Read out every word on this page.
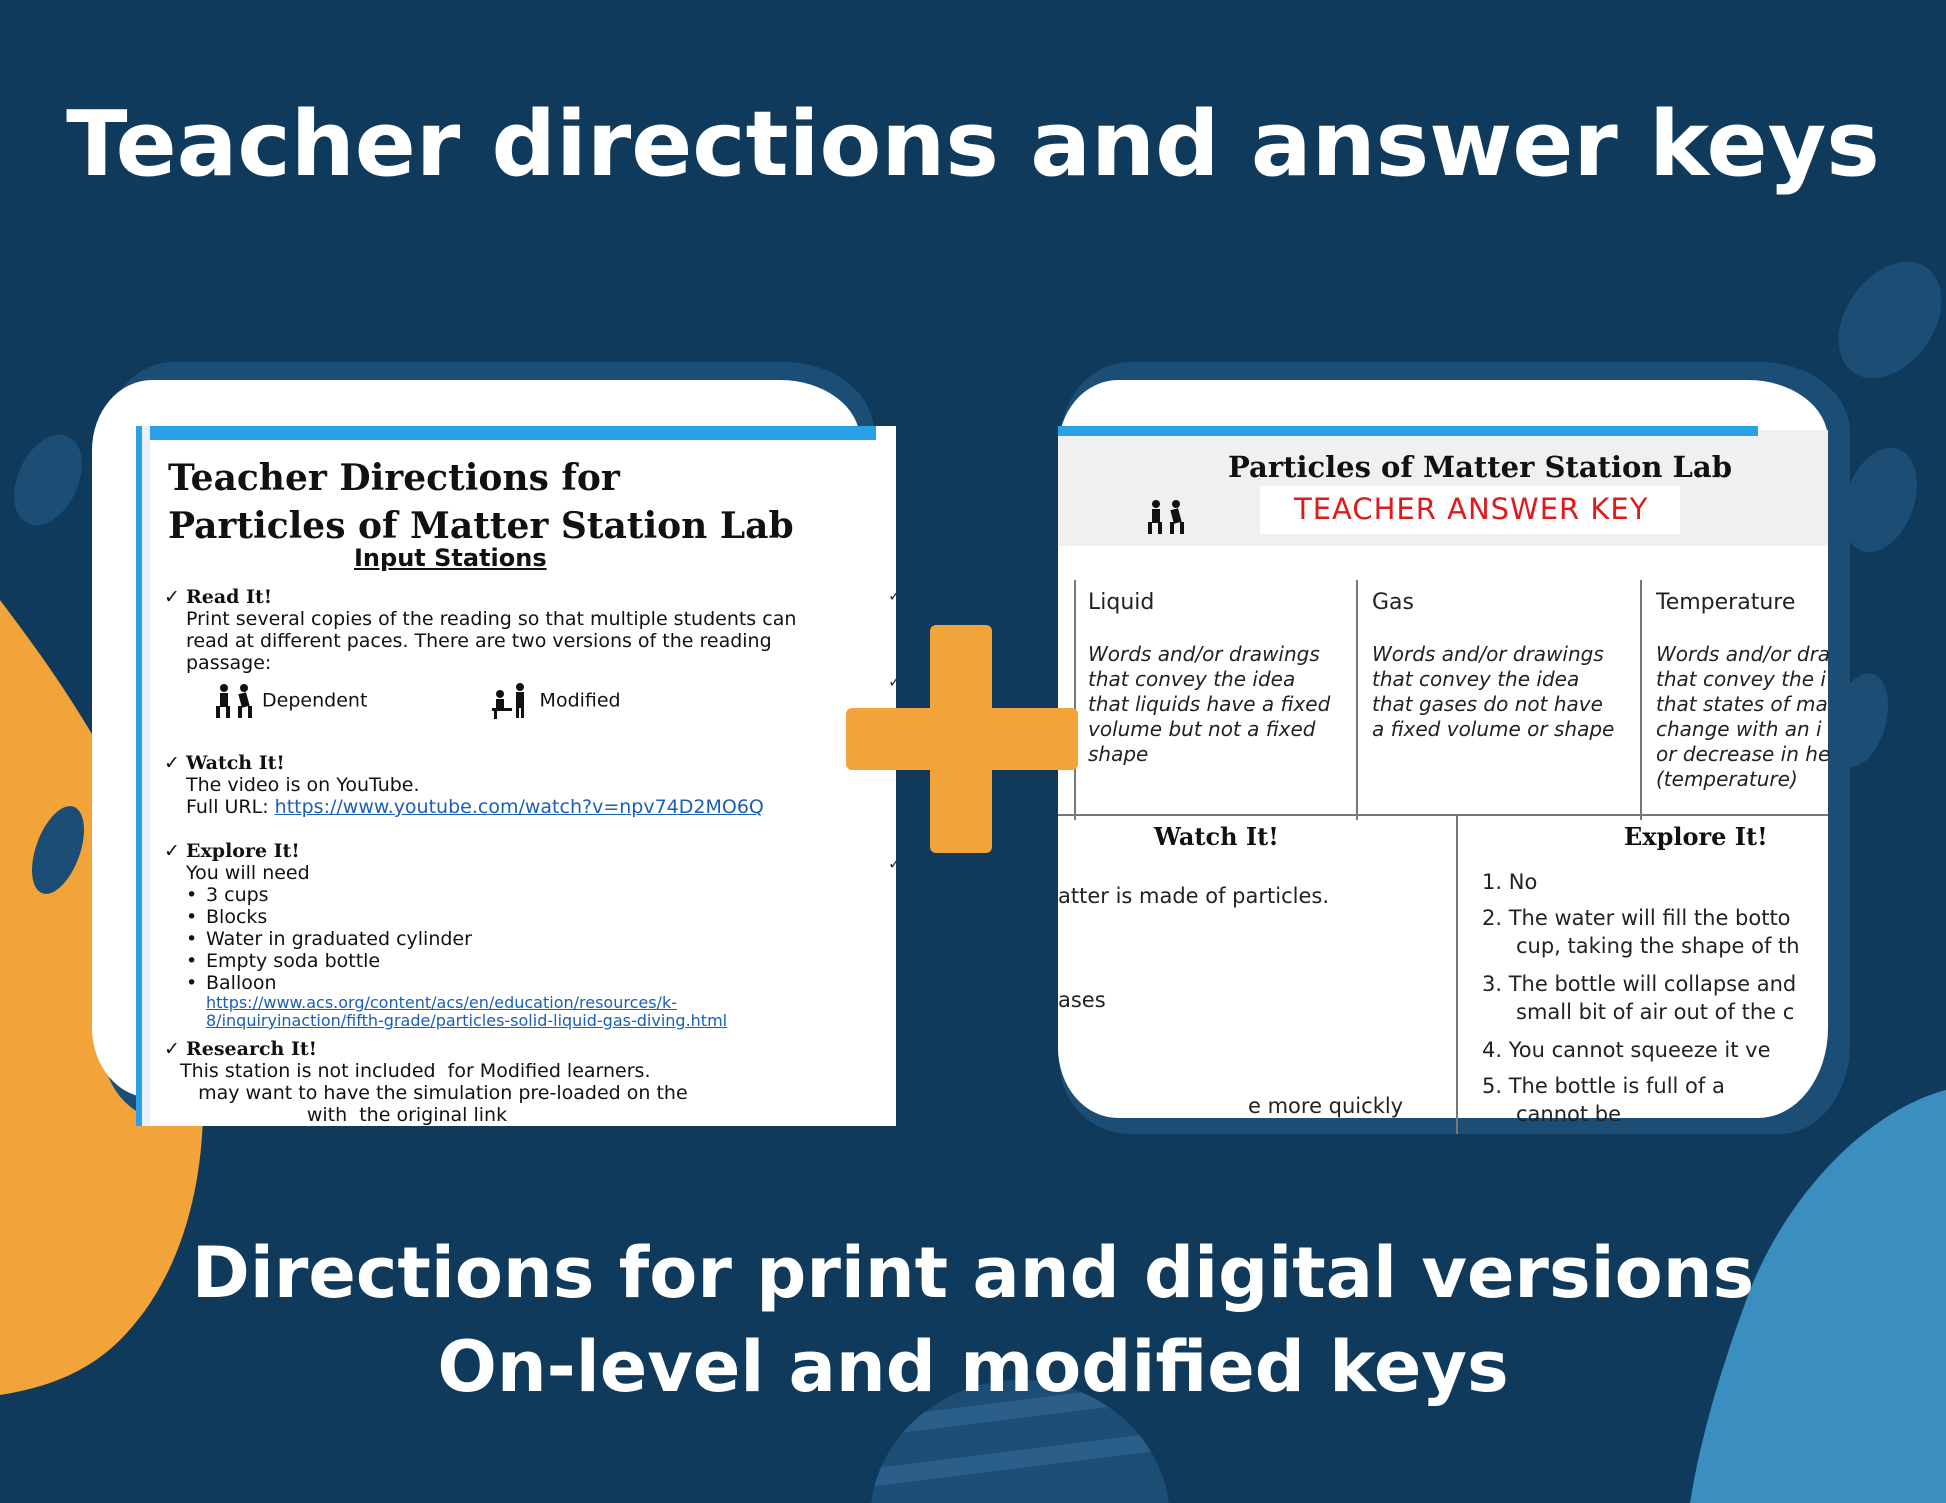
Teacher directions and answer keys
Directions for print and digital versions
On-level and modified keys
Teacher Directions for
Particles of Matter Station Lab
Input Stations
✓ Read It!
Print several copies of the reading so that multiple students can
read at different paces. There are two versions of the reading
passage:
Dependent	Modified
✓ Watch It!
The video is on YouTube.
Full URL: https://www.youtube.com/watch?v=npv74D2MO6Q
✓ Explore It!
You will need
• 3 cups
• Blocks
• Water in graduated cylinder
• Empty soda bottle
• Balloon
https://www.acs.org/content/acs/en/education/resources/k-
8/inquiryinaction/fifth-grade/particles-solid-liquid-gas-diving.html
✓ Research It!
This station is not included  for Modified learners.
may want to have the simulation pre-loaded on the
with  the original link
✓
✓
✓
Particles of Matter Station Lab
TEACHER ANSWER KEY
Liquid
Words and/or drawings
that convey the idea
that liquids have a fixed
volume but not a fixed
shape
Gas
Words and/or drawings
that convey the idea
that gases do not have
a fixed volume or shape
Temperature
Words and/or dra
that convey the i
that states of ma
change with an i
or decrease in he
(temperature)
Watch It!
atter is made of particles.
ases
e more quickly
Explore It!
1. No
2. The water will fill the botto
cup, taking the shape of th
3. The bottle will collapse and
small bit of air out of the c
4. You cannot squeeze it ve
5. The bottle is full of a
cannot be
